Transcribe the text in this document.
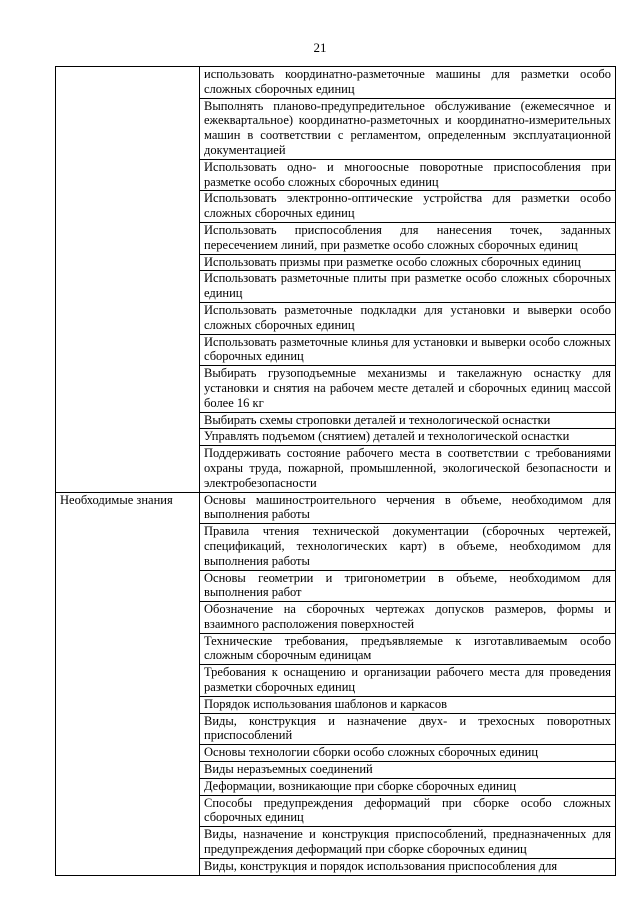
21
	использовать координатно-разметочные машины для разметки особо сложных сборочных единиц
	Выполнять планово-предупредительное обслуживание (ежемесячное и ежеквартальное) координатно-разметочных и координатно-измерительных машин в соответствии с регламентом, определенным эксплуатационной документацией
	Использовать одно- и многоосные поворотные приспособления при разметке особо сложных сборочных единиц
	Использовать электронно-оптические устройства для разметки особо сложных сборочных единиц
	Использовать приспособления для нанесения точек, заданных пересечением линий, при разметке особо сложных сборочных единиц
	Использовать призмы при разметке особо сложных сборочных единиц
	Использовать разметочные плиты при разметке особо сложных сборочных единиц
	Использовать разметочные подкладки для установки и выверки особо сложных сборочных единиц
	Использовать разметочные клинья для установки и выверки особо сложных сборочных единиц
	Выбирать грузоподъемные механизмы и такелажную оснастку для установки и снятия на рабочем месте деталей и сборочных единиц массой более 16 кг
	Выбирать схемы строповки деталей и технологической оснастки
	Управлять подъемом (снятием) деталей и технологической оснастки
	Поддерживать состояние рабочего места в соответствии с требованиями охраны труда, пожарной, промышленной, экологической безопасности и электробезопасности
Необходимые знания	Основы машиностроительного черчения в объеме, необходимом для выполнения работы
	Правила чтения технической документации (сборочных чертежей, спецификаций, технологических карт) в объеме, необходимом для выполнения работы
	Основы геометрии и тригонометрии в объеме, необходимом для выполнения работ
	Обозначение на сборочных чертежах допусков размеров, формы и взаимного расположения поверхностей
	Технические требования, предъявляемые к изготавливаемым особо сложным сборочным единицам
	Требования к оснащению и организации рабочего места для проведения разметки сборочных единиц
	Порядок использования шаблонов и каркасов
	Виды, конструкция и назначение двух- и трехосных поворотных приспособлений
	Основы технологии сборки особо сложных сборочных единиц
	Виды неразъемных соединений
	Деформации, возникающие при сборке сборочных единиц
	Способы предупреждения деформаций при сборке особо сложных сборочных единиц
	Виды, назначение и конструкция приспособлений, предназначенных для предупреждения деформаций при сборке сборочных единиц
	Виды, конструкция и порядок использования приспособления для
